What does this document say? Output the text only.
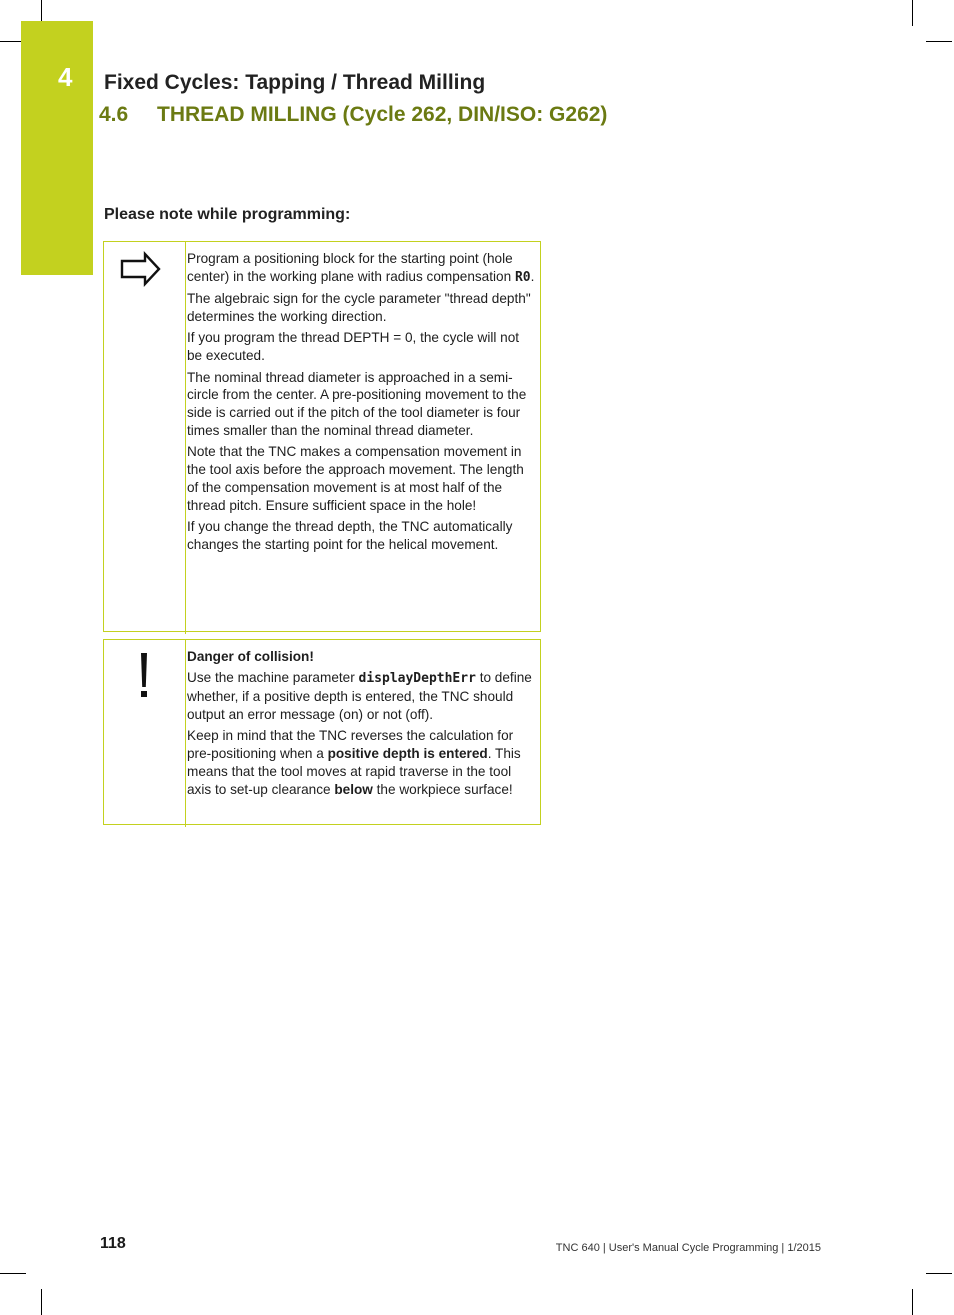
4 Fixed Cycles: Tapping / Thread Milling
4.6 THREAD MILLING (Cycle 262, DIN/ISO: G262)
Please note while programming:

Program a positioning block for the starting point (hole center) in the working plane with radius compensation R0.

The algebraic sign for the cycle parameter "thread depth" determines the working direction.

If you program the thread DEPTH = 0, the cycle will not be executed.

The nominal thread diameter is approached in a semi-circle from the center. A pre-positioning movement to the side is carried out if the pitch of the tool diameter is four times smaller than the nominal thread diameter.

Note that the TNC makes a compensation movement in the tool axis before the approach movement. The length of the compensation movement is at most half of the thread pitch. Ensure sufficient space in the hole!

If you change the thread depth, the TNC automatically changes the starting point for the helical movement.

Danger of collision!

Use the machine parameter displayDepthErr to define whether, if a positive depth is entered, the TNC should output an error message (on) or not (off).

Keep in mind that the TNC reverses the calculation for pre-positioning when a positive depth is entered. This means that the tool moves at rapid traverse in the tool axis to set-up clearance below the workpiece surface!

118	TNC 640 | User's Manual Cycle Programming | 1/2015
